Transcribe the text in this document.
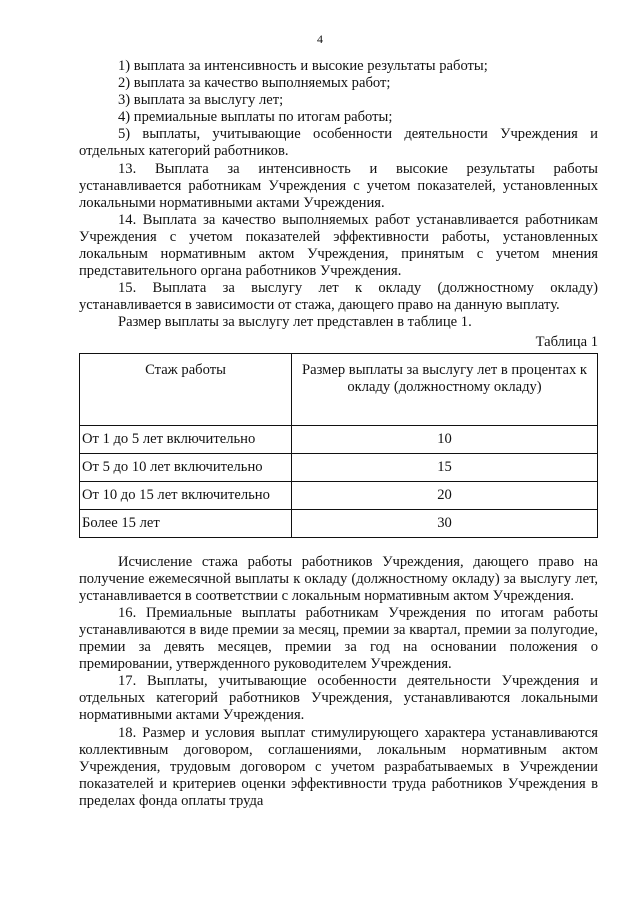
4

1) выплата за интенсивность и высокие результаты работы;

2) выплата за качество выполняемых работ;

3) выплата за выслугу лет;

4) премиальные выплаты по итогам работы;

5) выплаты, учитывающие особенности деятельности Учреждения и отдельных категорий работников.

13. Выплата за интенсивность и высокие результаты работы устанавливается работникам Учреждения с учетом показателей, установленных локальными нормативными актами Учреждения.

14. Выплата за качество выполняемых работ устанавливается работникам Учреждения с учетом показателей эффективности работы, установленных локальным нормативным актом Учреждения, принятым с учетом мнения представительного органа работников Учреждения.

15. Выплата за выслугу лет к окладу (должностному окладу) устанавливается в зависимости от стажа, дающего право на данную выплату.

Размер выплаты за выслугу лет представлен в таблице 1.

Таблица 1

Стаж работы	Размер выплаты за выслугу лет в процентах к окладу (должностному окладу)
От 1 до 5 лет включительно	10
От 5 до 10 лет включительно	15
От 10 до 15 лет включительно	20
Более 15 лет	30

Исчисление стажа работы работников Учреждения, дающего право на получение ежемесячной выплаты к окладу (должностному окладу) за выслугу лет, устанавливается в соответствии с локальным нормативным актом Учреждения.

16. Премиальные выплаты работникам Учреждения по итогам работы устанавливаются в виде премии за месяц, премии за квартал, премии за полугодие, премии за девять месяцев, премии за год на основании положения о премировании, утвержденного руководителем Учреждения.

17. Выплаты, учитывающие особенности деятельности Учреждения и отдельных категорий работников Учреждения, устанавливаются локальными нормативными актами Учреждения.

18. Размер и условия выплат стимулирующего характера устанавливаются коллективным договором, соглашениями, локальным нормативным актом Учреждения, трудовым договором с учетом разрабатываемых в Учреждении показателей и критериев оценки эффективности труда работников Учреждения в пределах фонда оплаты труда
